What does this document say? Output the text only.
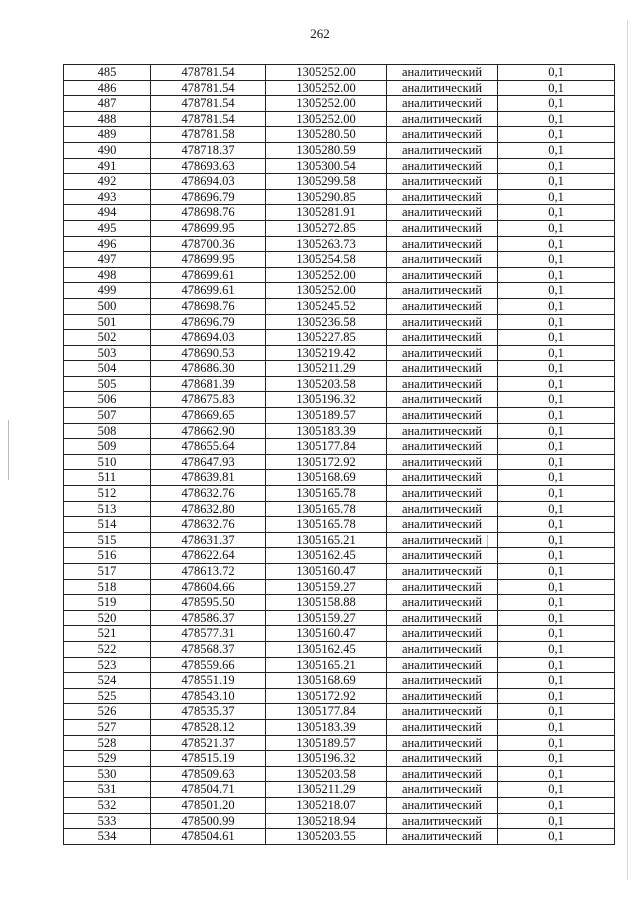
262
485	478781.54	1305252.00	аналитический	0,1
486	478781.54	1305252.00	аналитический	0,1
487	478781.54	1305252.00	аналитический	0,1
488	478781.54	1305252.00	аналитический	0,1
489	478781.58	1305280.50	аналитический	0,1
490	478718.37	1305280.59	аналитический	0,1
491	478693.63	1305300.54	аналитический	0,1
492	478694.03	1305299.58	аналитический	0,1
493	478696.79	1305290.85	аналитический	0,1
494	478698.76	1305281.91	аналитический	0,1
495	478699.95	1305272.85	аналитический	0,1
496	478700.36	1305263.73	аналитический	0,1
497	478699.95	1305254.58	аналитический	0,1
498	478699.61	1305252.00	аналитический	0,1
499	478699.61	1305252.00	аналитический	0,1
500	478698.76	1305245.52	аналитический	0,1
501	478696.79	1305236.58	аналитический	0,1
502	478694.03	1305227.85	аналитический	0,1
503	478690.53	1305219.42	аналитический	0,1
504	478686.30	1305211.29	аналитический	0,1
505	478681.39	1305203.58	аналитический	0,1
506	478675.83	1305196.32	аналитический	0,1
507	478669.65	1305189.57	аналитический	0,1
508	478662.90	1305183.39	аналитический	0,1
509	478655.64	1305177.84	аналитический	0,1
510	478647.93	1305172.92	аналитический	0,1
511	478639.81	1305168.69	аналитический	0,1
512	478632.76	1305165.78	аналитический	0,1
513	478632.80	1305165.78	аналитический	0,1
514	478632.76	1305165.78	аналитический	0,1
515	478631.37	1305165.21	аналитический	0,1
516	478622.64	1305162.45	аналитический	0,1
517	478613.72	1305160.47	аналитический	0,1
518	478604.66	1305159.27	аналитический	0,1
519	478595.50	1305158.88	аналитический	0,1
520	478586.37	1305159.27	аналитический	0,1
521	478577.31	1305160.47	аналитический	0,1
522	478568.37	1305162.45	аналитический	0,1
523	478559.66	1305165.21	аналитический	0,1
524	478551.19	1305168.69	аналитический	0,1
525	478543.10	1305172.92	аналитический	0,1
526	478535.37	1305177.84	аналитический	0,1
527	478528.12	1305183.39	аналитический	0,1
528	478521.37	1305189.57	аналитический	0,1
529	478515.19	1305196.32	аналитический	0,1
530	478509.63	1305203.58	аналитический	0,1
531	478504.71	1305211.29	аналитический	0,1
532	478501.20	1305218.07	аналитический	0,1
533	478500.99	1305218.94	аналитический	0,1
534	478504.61	1305203.55	аналитический	0,1
